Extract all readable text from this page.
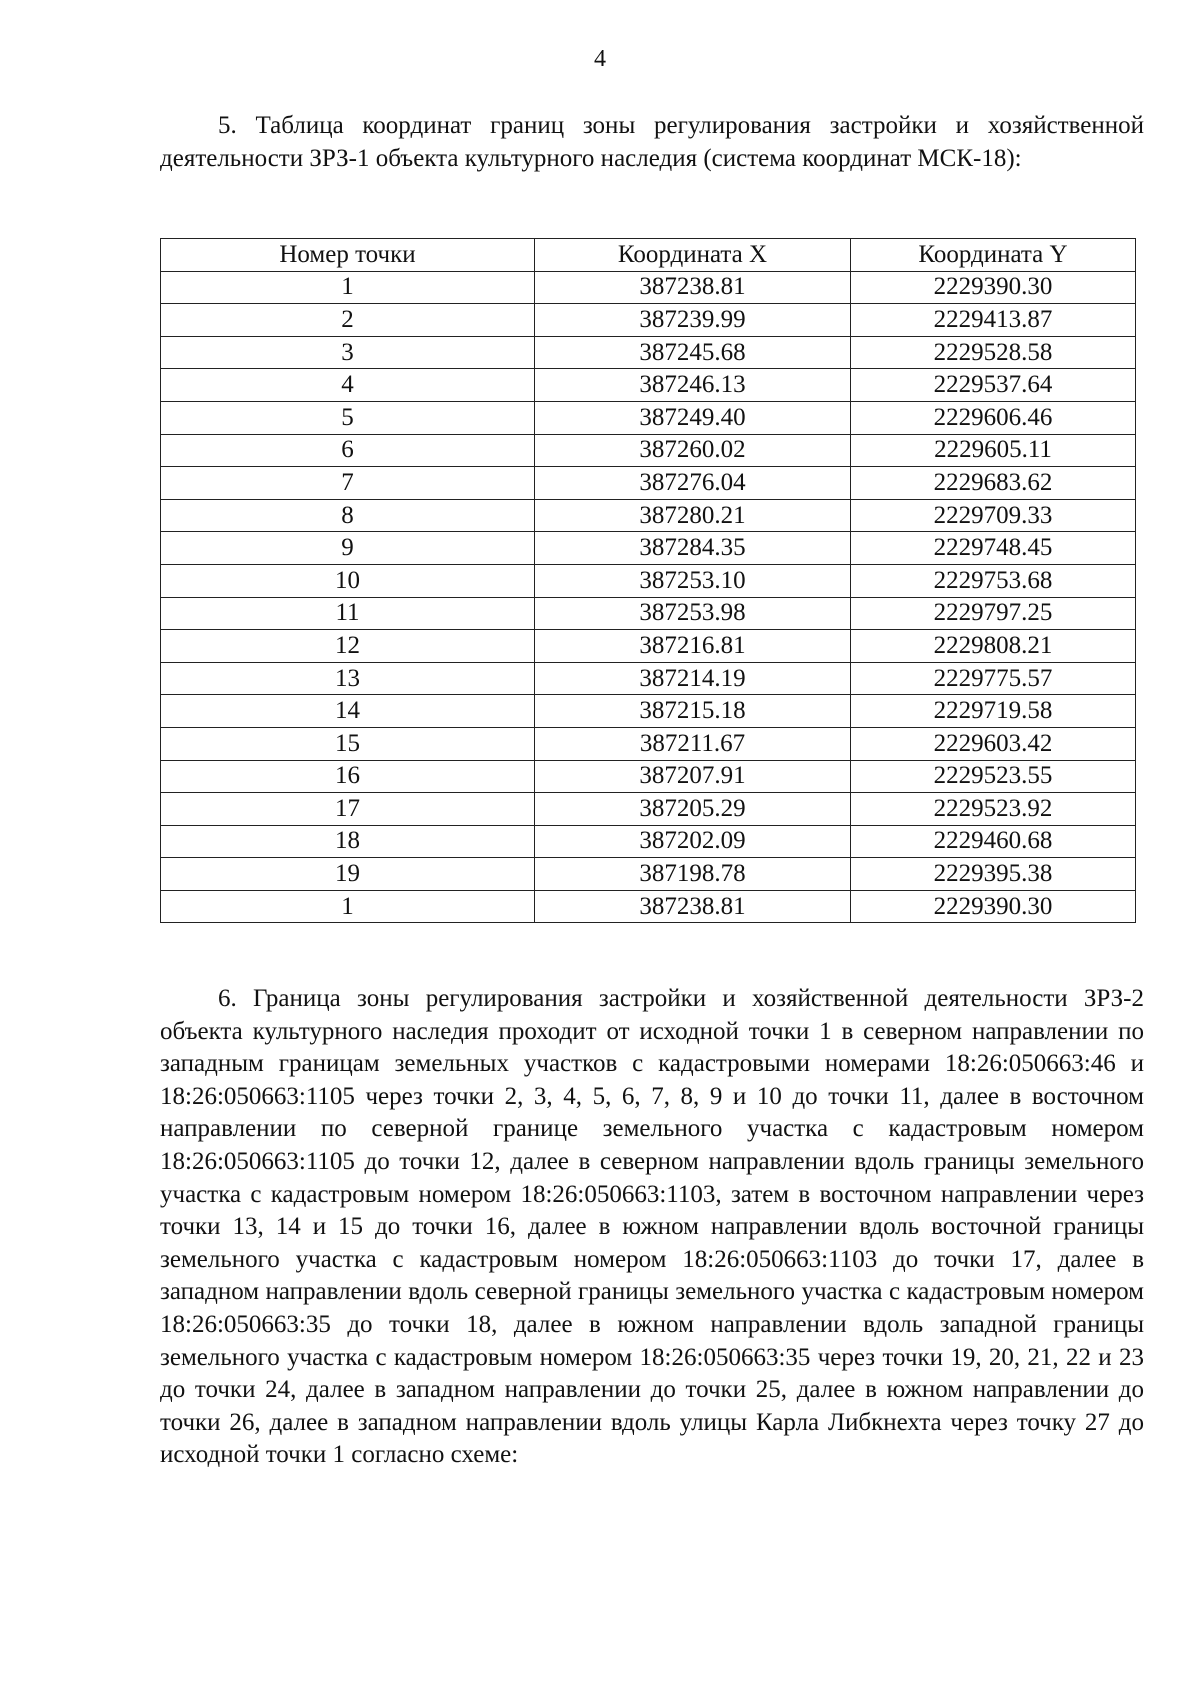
4

5. Таблица координат границ зоны регулирования застройки и хозяйственной деятельности ЗРЗ-1 объекта культурного наследия (система координат МСК-18):

Номер точки	Координата X	Координата Y
1	387238.81	2229390.30
2	387239.99	2229413.87
3	387245.68	2229528.58
4	387246.13	2229537.64
5	387249.40	2229606.46
6	387260.02	2229605.11
7	387276.04	2229683.62
8	387280.21	2229709.33
9	387284.35	2229748.45
10	387253.10	2229753.68
11	387253.98	2229797.25
12	387216.81	2229808.21
13	387214.19	2229775.57
14	387215.18	2229719.58
15	387211.67	2229603.42
16	387207.91	2229523.55
17	387205.29	2229523.92
18	387202.09	2229460.68
19	387198.78	2229395.38
1	387238.81	2229390.30

6. Граница зоны регулирования застройки и хозяйственной деятельности ЗРЗ-2 объекта культурного наследия проходит от исходной точки 1 в северном направлении по западным границам земельных участков с кадастровыми номерами 18:26:050663:46 и 18:26:050663:1105 через точки 2, 3, 4, 5, 6, 7, 8, 9 и 10 до точки 11, далее в восточном направлении по северной границе земельного участка с кадастровым номером 18:26:050663:1105 до точки 12, далее в северном направлении вдоль границы земельного участка с кадастровым номером 18:26:050663:1103, затем в восточном направлении через точки 13, 14 и 15 до точки 16, далее в южном направлении вдоль восточной границы земельного участка с кадастровым номером 18:26:050663:1103 до точки 17, далее в западном направлении вдоль северной границы земельного участка с кадастровым номером 18:26:050663:35 до точки 18, далее в южном направлении вдоль западной границы земельного участка с кадастровым номером 18:26:050663:35 через точки 19, 20, 21, 22 и 23 до точки 24, далее в западном направлении до точки 25, далее в южном направлении до точки 26, далее в западном направлении вдоль улицы Карла Либкнехта через точку 27 до исходной точки 1 согласно схеме:
